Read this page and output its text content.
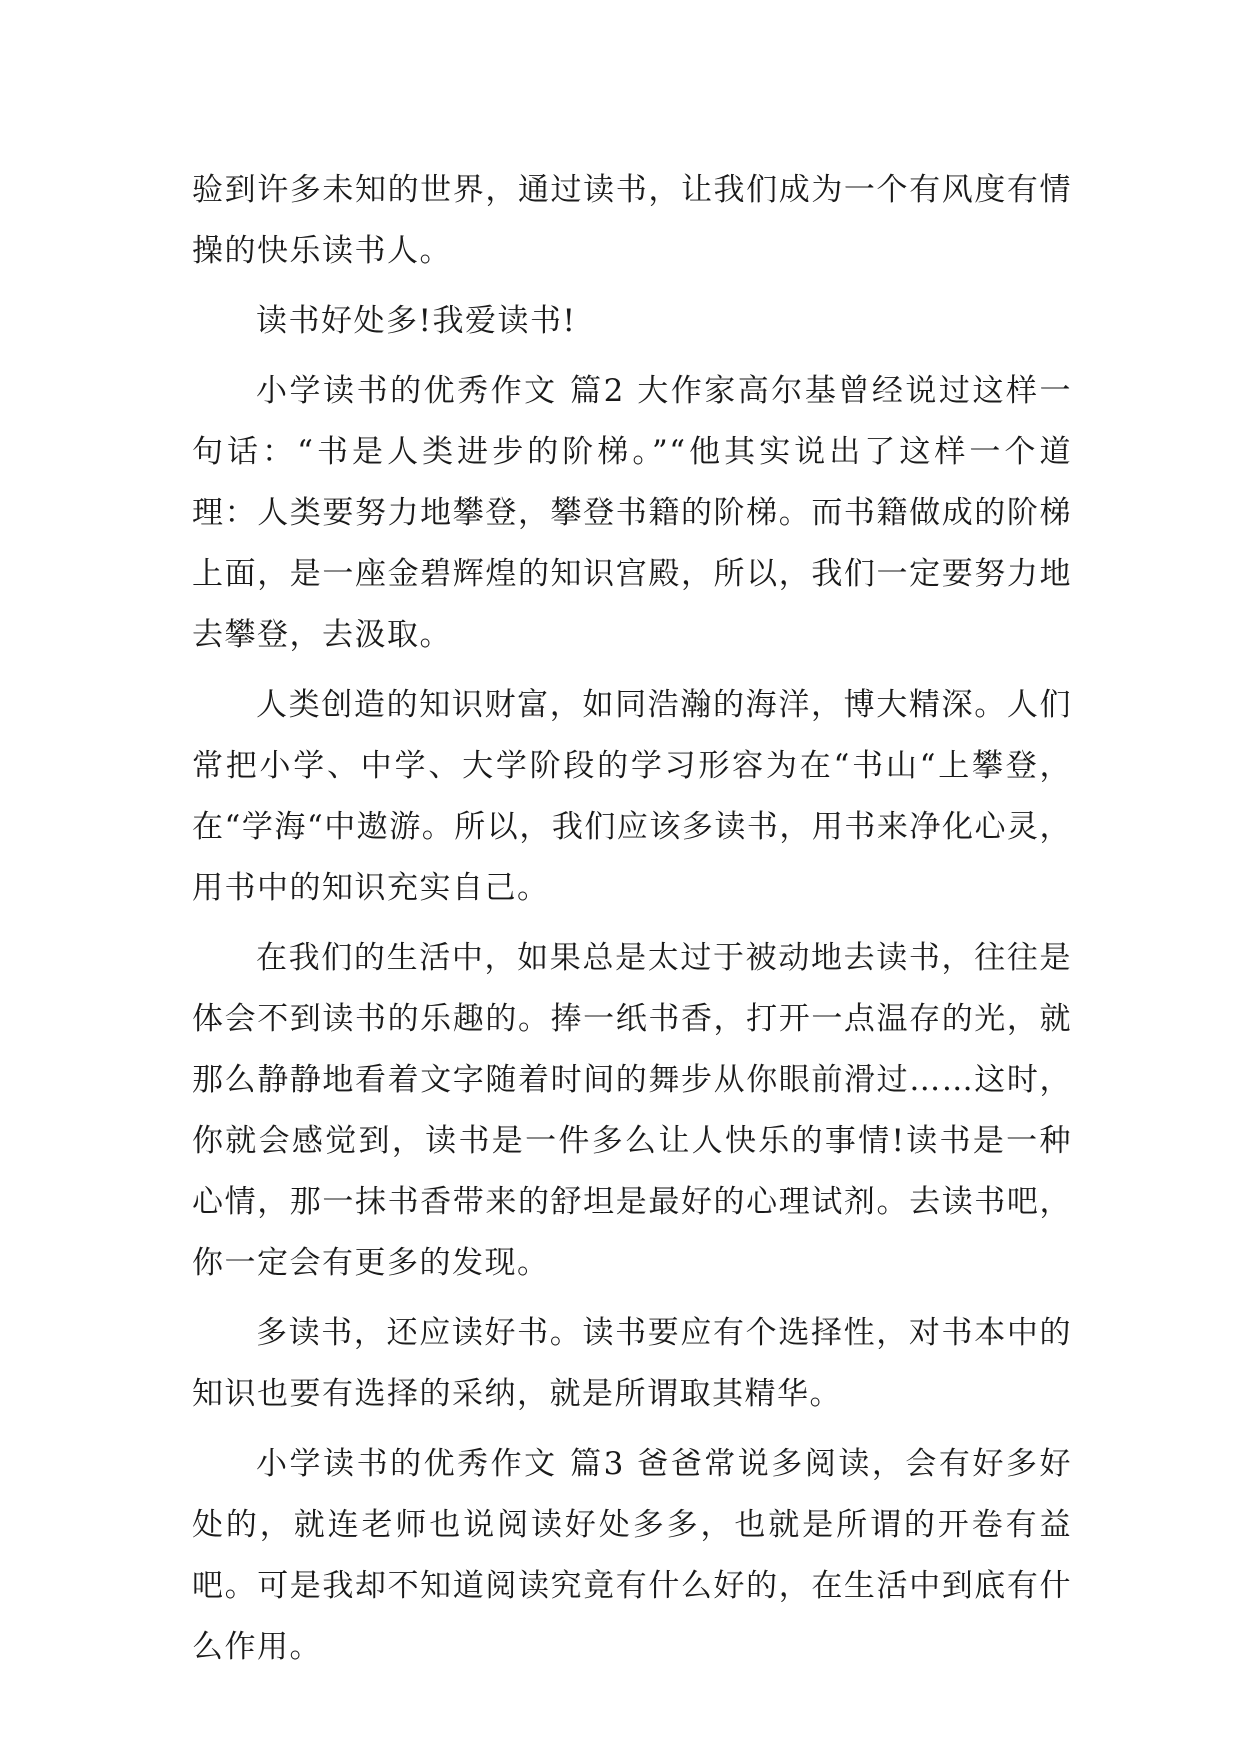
验到许多未知的世界，通过读书，让我们成为一个有风度有情操的快乐读书人。

读书好处多!我爱读书!

小学读书的优秀作文 篇2 大作家高尔基曾经说过这样一句话：“书是人类进步的阶梯。”“他其实说出了这样一个道理：人类要努力地攀登，攀登书籍的阶梯。而书籍做成的阶梯上面，是一座金碧辉煌的知识宫殿，所以，我们一定要努力地去攀登，去汲取。

人类创造的知识财富，如同浩瀚的海洋，博大精深。人们常把小学、中学、大学阶段的学习形容为在“书山“上攀登，在“学海“中遨游。所以，我们应该多读书，用书来净化心灵，用书中的知识充实自己。

在我们的生活中，如果总是太过于被动地去读书，往往是体会不到读书的乐趣的。捧一纸书香，打开一点温存的光，就那么静静地看着文字随着时间的舞步从你眼前滑过……这时，你就会感觉到，读书是一件多么让人快乐的事情!读书是一种心情，那一抹书香带来的舒坦是最好的心理试剂。去读书吧，你一定会有更多的发现。

多读书，还应读好书。读书要应有个选择性，对书本中的知识也要有选择的采纳，就是所谓取其精华。

小学读书的优秀作文 篇3 爸爸常说多阅读，会有好多好处的，就连老师也说阅读好处多多，也就是所谓的开卷有益吧。可是我却不知道阅读究竟有什么好的，在生活中到底有什么作用。
